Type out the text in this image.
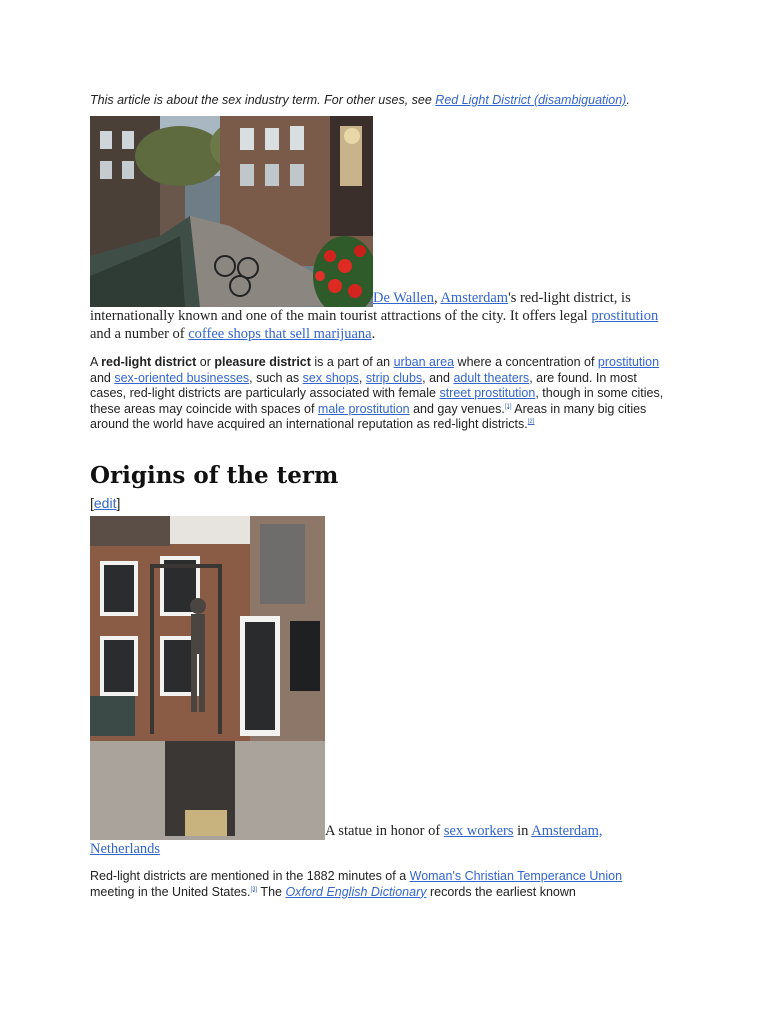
This article is about the sex industry term. For other uses, see Red Light District (disambiguation).
De Wallen, Amsterdam's red-light district, is internationally known and one of the main tourist attractions of the city. It offers legal prostitution and a number of coffee shops that sell marijuana.
A red-light district or pleasure district is a part of an urban area where a concentration of prostitution and sex-oriented businesses, such as sex shops, strip clubs, and adult theaters, are found. In most cases, red-light districts are particularly associated with female street prostitution, though in some cities, these areas may coincide with spaces of male prostitution and gay venues.[1] Areas in many big cities around the world have acquired an international reputation as red-light districts.[2]
Origins of the term
[edit]
A statue in honor of sex workers in Amsterdam, Netherlands
Red-light districts are mentioned in the 1882 minutes of a Woman's Christian Temperance Union meeting in the United States.[3] The Oxford English Dictionary records the earliest known
